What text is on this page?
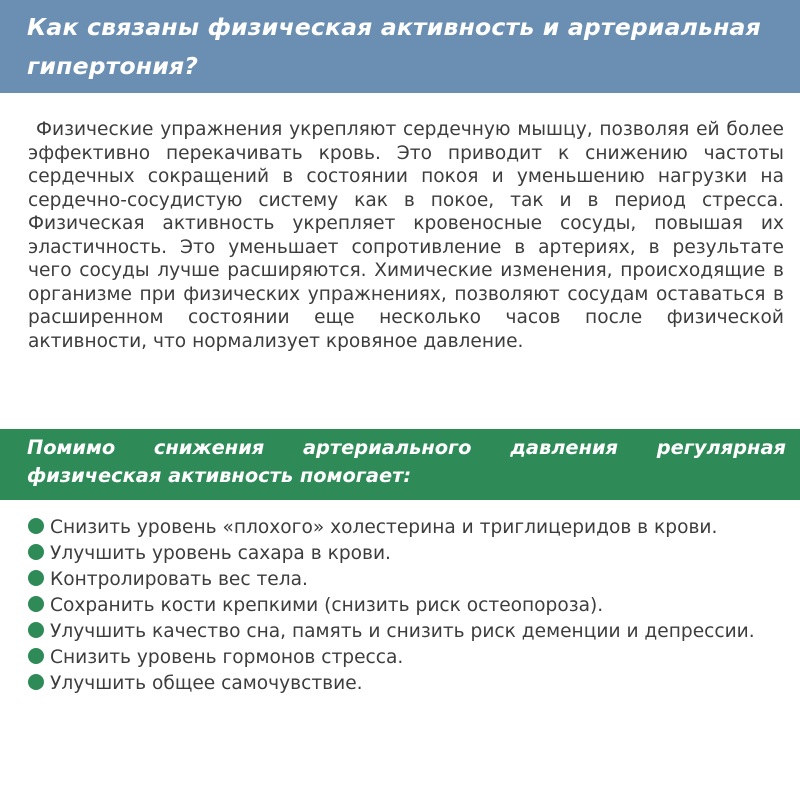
Как связаны физическая активность и артериальная гипертония?

Физические упражнения укрепляют сердечную мышцу, позволяя ей более эффективно перекачивать кровь. Это приводит к снижению частоты сердечных сокращений в состоянии покоя и уменьшению нагрузки на сердечно-сосудистую систему как в покое, так и в период стресса. Физическая активность укрепляет кровеносные сосуды, повышая их эластичность. Это уменьшает сопротивление в артериях, в результате чего сосуды лучше расширяются. Химические изменения, происходящие в организме при физических упражнениях, позволяют сосудам оставаться в расширенном состоянии еще несколько часов после физической активности, что нормализует кровяное давление.

Помимо снижения артериального давления регулярная физическая активность помогает:
Снизить уровень «плохого» холестерина и триглицеридов в крови.
Улучшить уровень сахара в крови.
Контролировать вес тела.
Сохранить кости крепкими (снизить риск остеопороза).
Улучшить качество сна, память и снизить риск деменции и депрессии.
Снизить уровень гормонов стресса.
Улучшить общее самочувствие.
